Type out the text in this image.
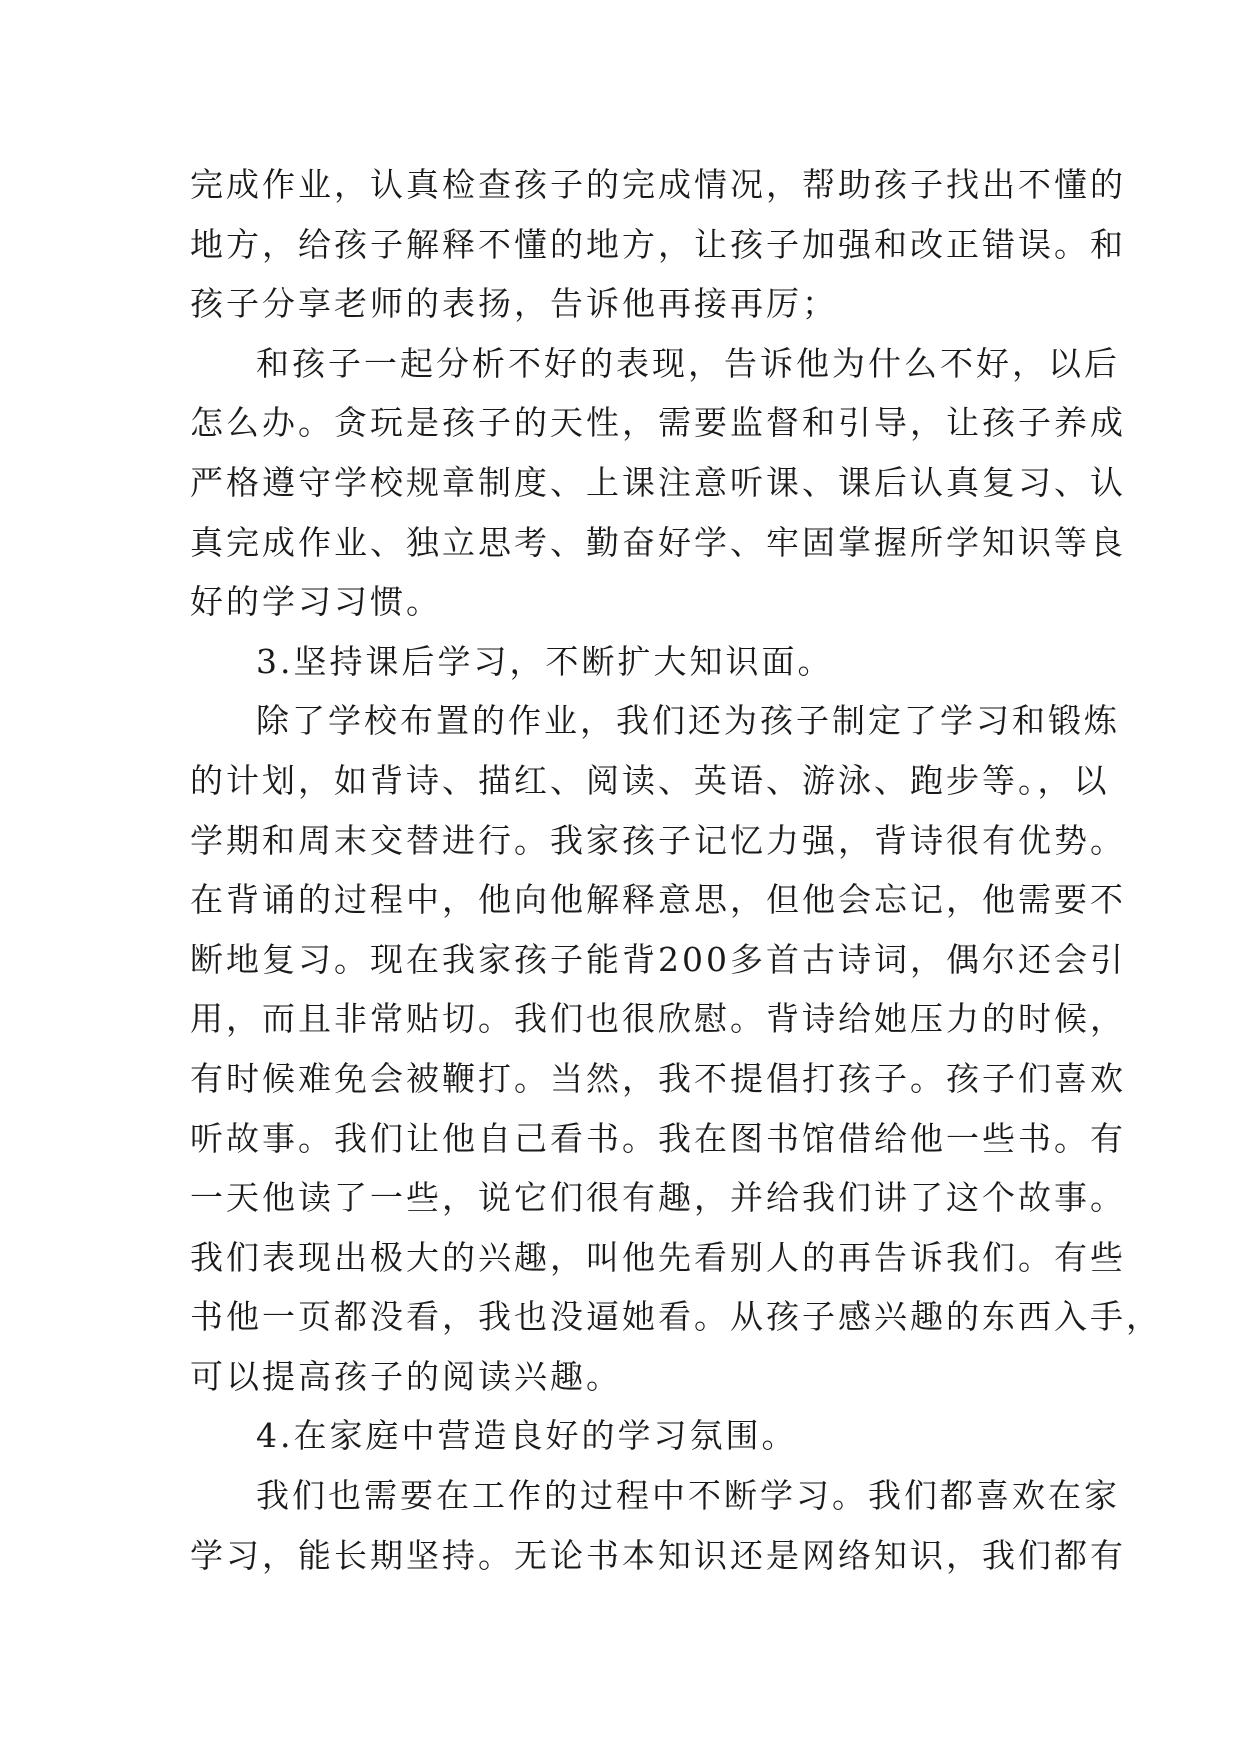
完成作业，认真检查孩子的完成情况，帮助孩子找出不懂的
地方，给孩子解释不懂的地方，让孩子加强和改正错误。和
孩子分享老师的表扬，告诉他再接再厉；
和孩子一起分析不好的表现，告诉他为什么不好，以后
怎么办。贪玩是孩子的天性，需要监督和引导，让孩子养成
严格遵守学校规章制度、上课注意听课、课后认真复习、认
真完成作业、独立思考、勤奋好学、牢固掌握所学知识等良
好的学习习惯。
3.坚持课后学习，不断扩大知识面。
除了学校布置的作业，我们还为孩子制定了学习和锻炼
的计划，如背诗、描红、阅读、英语、游泳、跑步等。，以
学期和周末交替进行。我家孩子记忆力强，背诗很有优势。
在背诵的过程中，他向他解释意思，但他会忘记，他需要不
断地复习。现在我家孩子能背200多首古诗词，偶尔还会引
用，而且非常贴切。我们也很欣慰。背诗给她压力的时候，
有时候难免会被鞭打。当然，我不提倡打孩子。孩子们喜欢
听故事。我们让他自己看书。我在图书馆借给他一些书。有
一天他读了一些，说它们很有趣，并给我们讲了这个故事。
我们表现出极大的兴趣，叫他先看别人的再告诉我们。有些
书他一页都没看，我也没逼她看。从孩子感兴趣的东西入手，
可以提高孩子的阅读兴趣。
4.在家庭中营造良好的学习氛围。
我们也需要在工作的过程中不断学习。我们都喜欢在家
学习，能长期坚持。无论书本知识还是网络知识，我们都有
